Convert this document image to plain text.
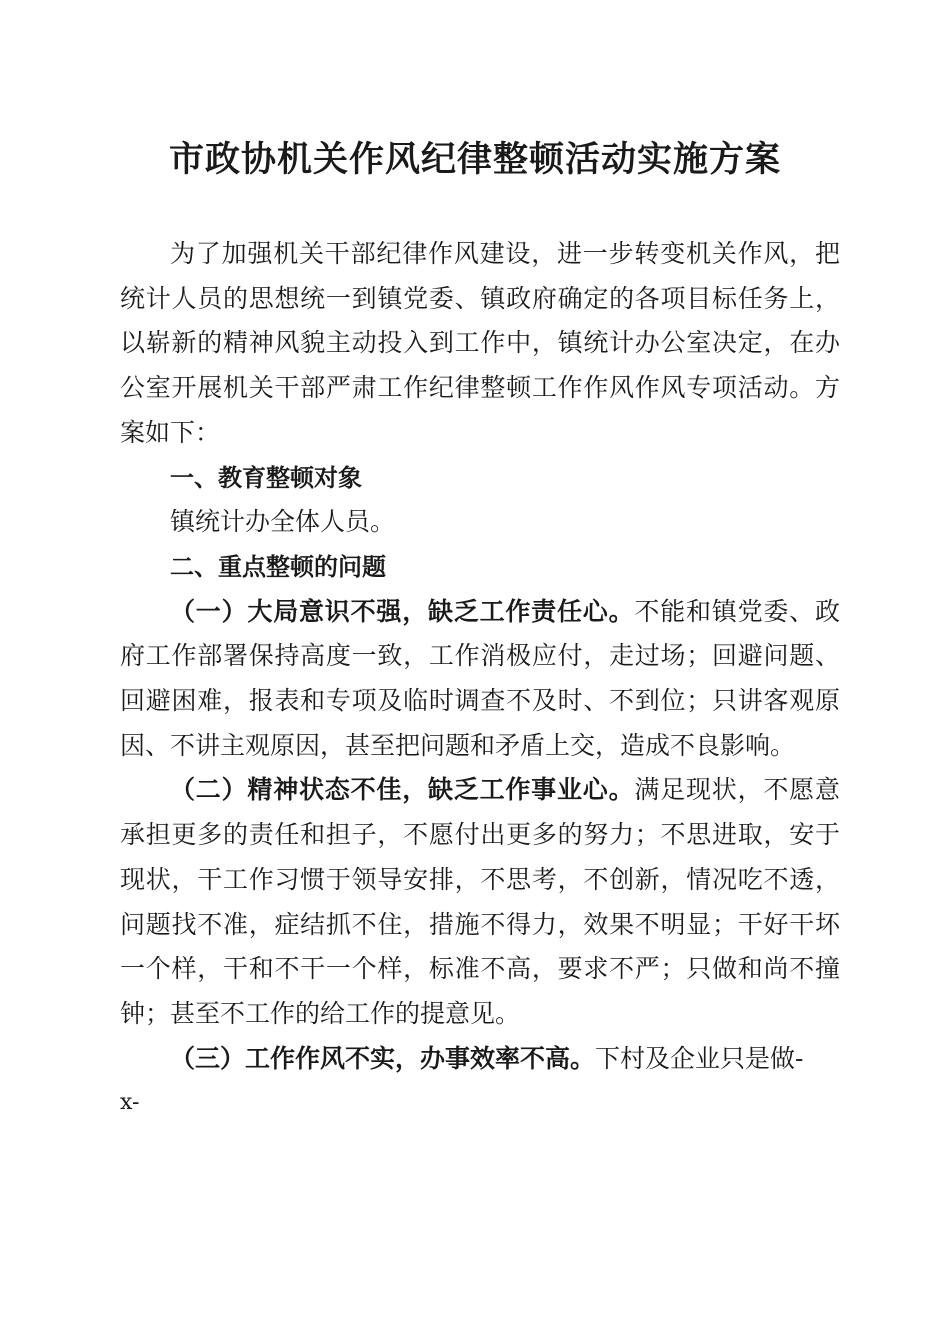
市政协机关作风纪律整顿活动实施方案

为了加强机关干部纪律作风建设，进一步转变机关作风，把统计人员的思想统一到镇党委、镇政府确定的各项目标任务上，以崭新的精神风貌主动投入到工作中，镇统计办公室决定，在办公室开展机关干部严肃工作纪律整顿工作作风作风专项活动。方案如下：

一、教育整顿对象

镇统计办全体人员。

二、重点整顿的问题

（一）大局意识不强，缺乏工作责任心。不能和镇党委、政府工作部署保持高度一致，工作消极应付，走过场；回避问题、回避困难，报表和专项及临时调查不及时、不到位；只讲客观原因、不讲主观原因，甚至把问题和矛盾上交，造成不良影响。

（二）精神状态不佳，缺乏工作事业心。满足现状，不愿意承担更多的责任和担子，不愿付出更多的努力；不思进取，安于现状，干工作习惯于领导安排，不思考，不创新，情况吃不透，问题找不准，症结抓不住，措施不得力，效果不明显；干好干坏一个样，干和不干一个样，标准不高，要求不严；只做和尚不撞钟；甚至不工作的给工作的提意见。

（三）工作作风不实，办事效率不高。下村及企业只是做-

x-
